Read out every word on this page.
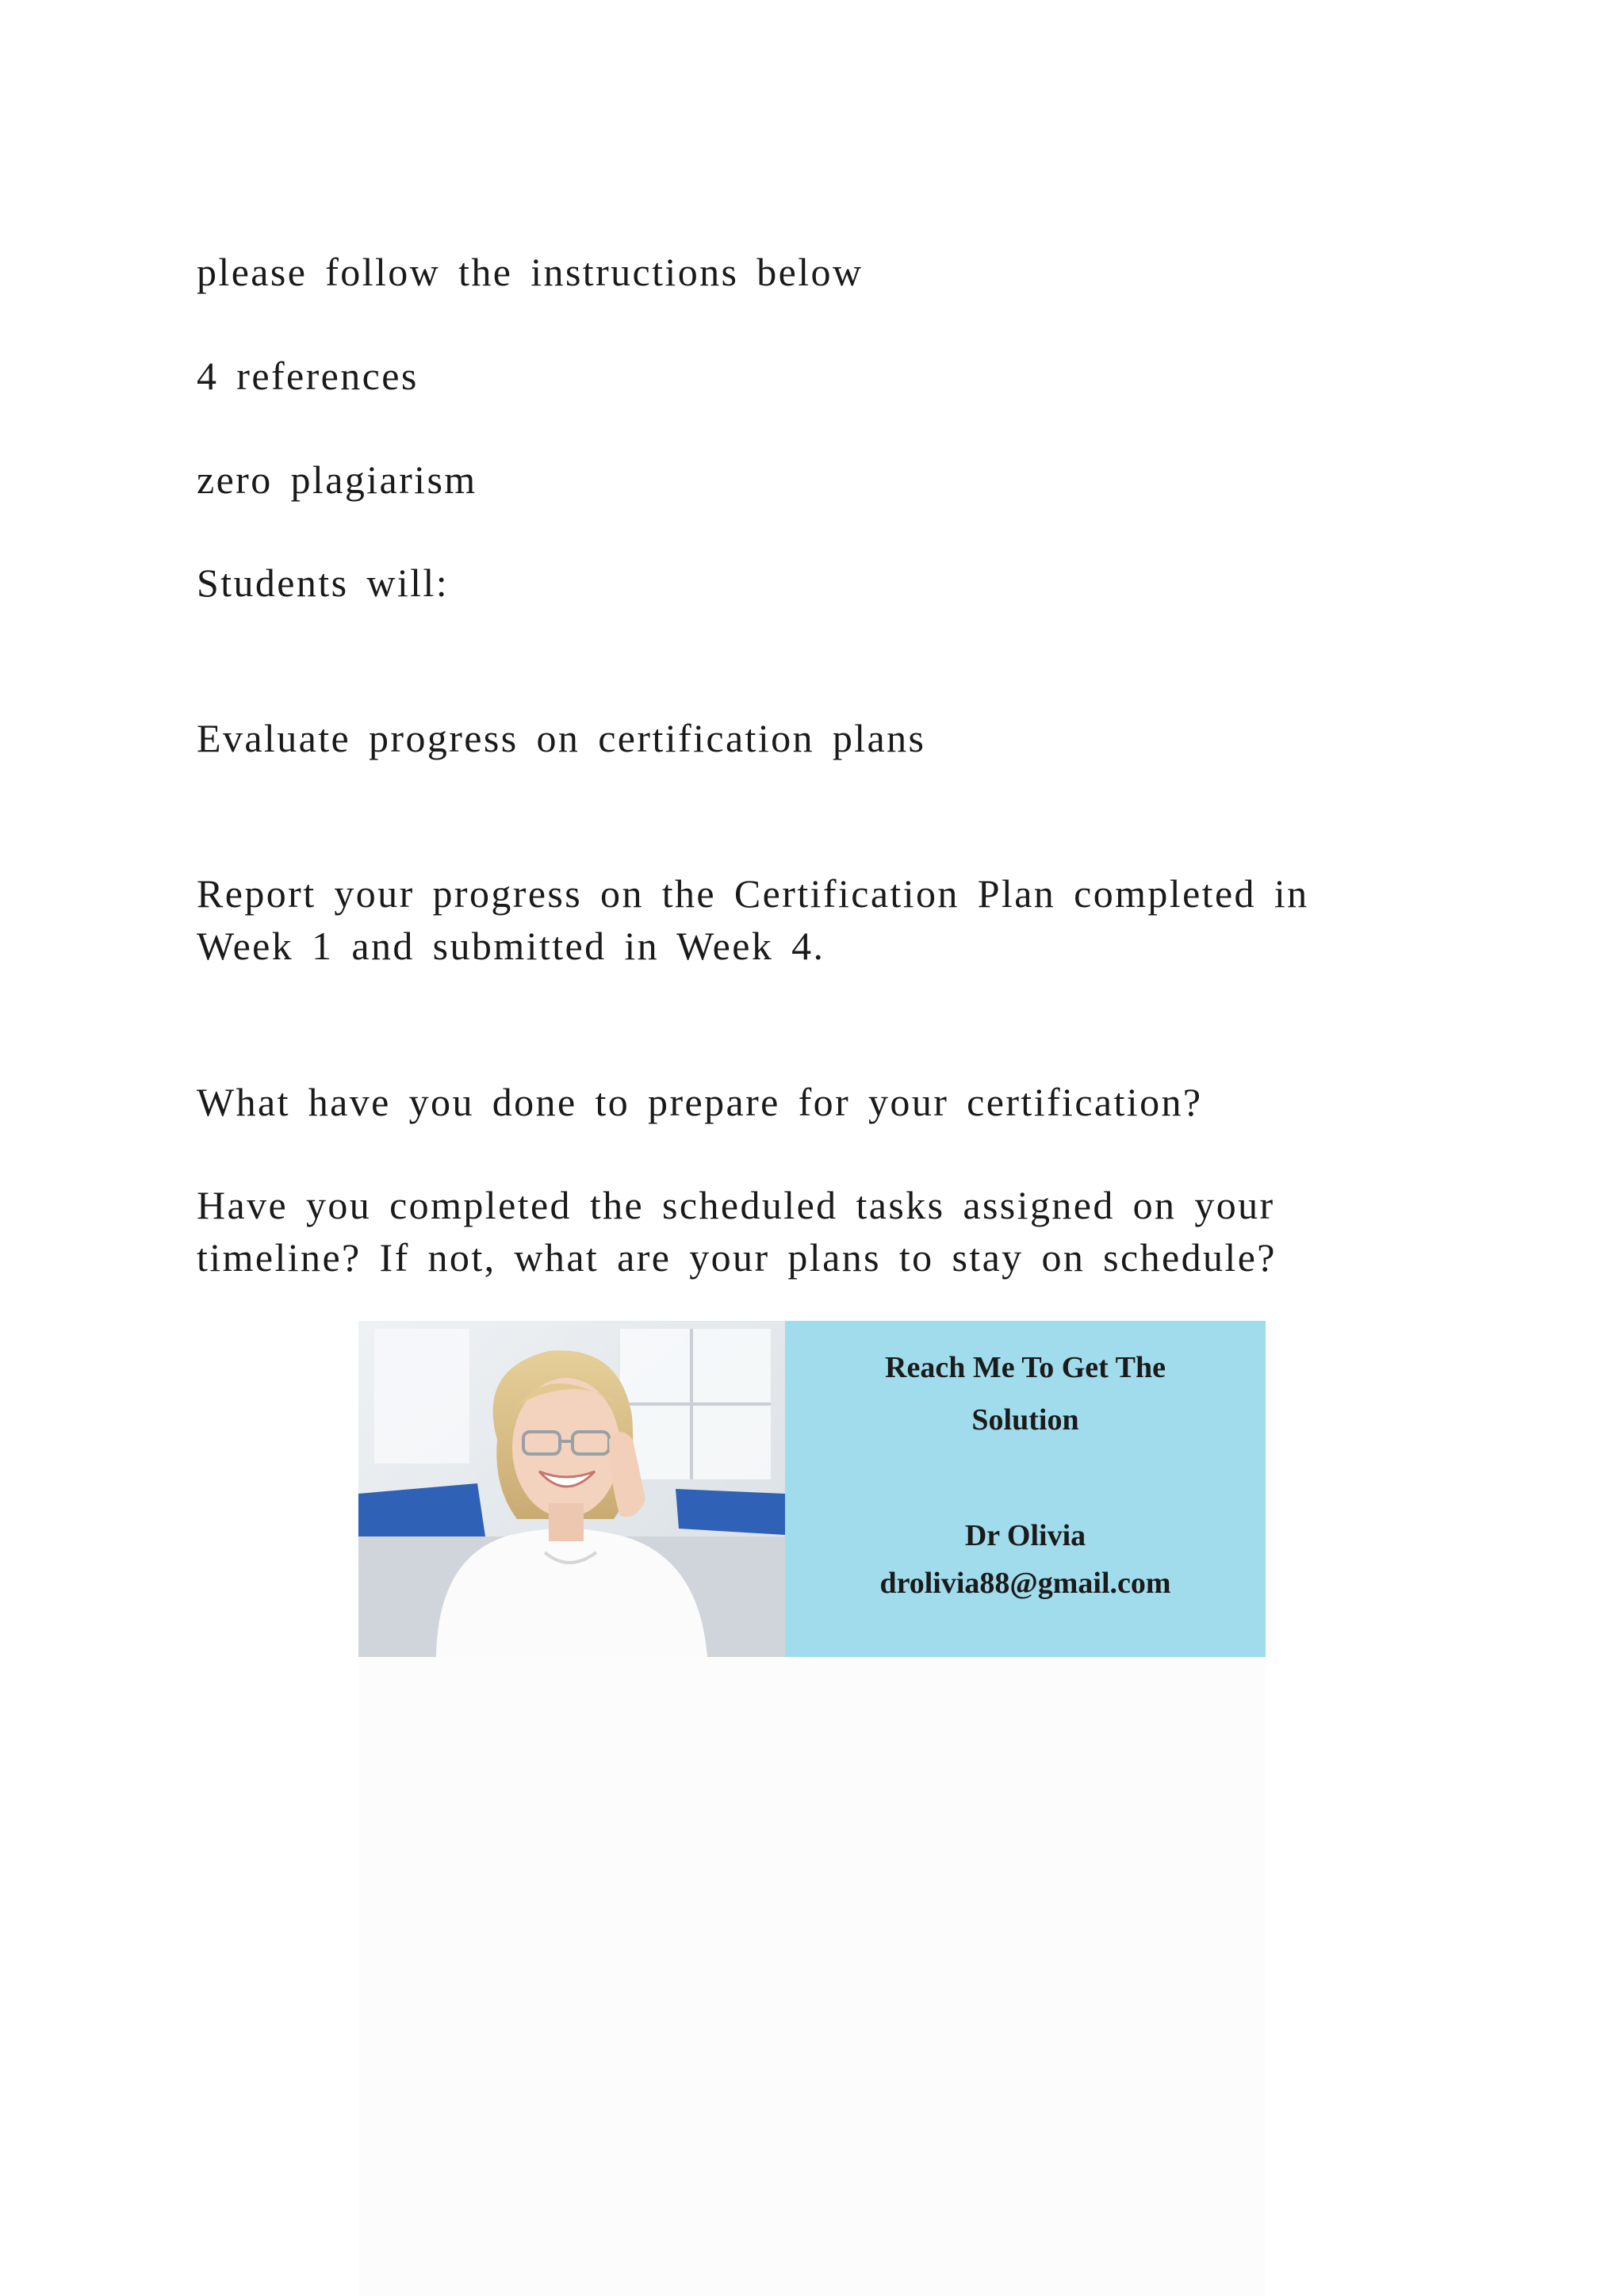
please follow the instructions below

4 references

zero plagiarism

Students will:

Evaluate progress on certification plans

Report your progress on the Certification Plan completed in
Week 1 and submitted in Week 4.

What have you done to prepare for your certification?

Have you completed the scheduled tasks assigned on your
timeline? If not, what are your plans to stay on schedule?

Reach Me To Get The

Solution

Dr Olivia

drolivia88@gmail.com
